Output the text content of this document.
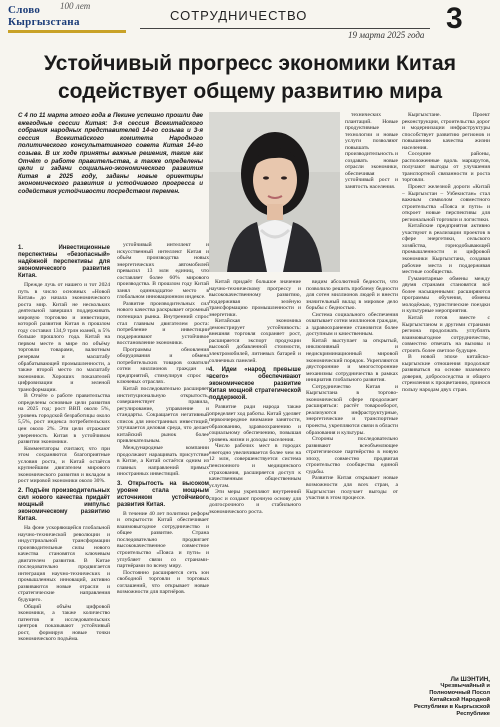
Слово 100 лет
Кыргызстана	СОТРУДНИЧЕСТВО
19 марта 2025 года 3
Устойчивый прогресс экономики Китая содействует общему развитию мира
С 4 по 11 марта этого года в Пекине успешно прошли две ежегодные сессии Китая: 3-я сессия Всекитайского собрания народных представителей 14-го созыва и 3-я сессия Всекитайского комитета Народного политического консультативного совета Китая 14-го созыва. В их ходе приняты важные решения, такие как Отчёт о работе правительства, а также определены цели и задачи социально-экономического развития Китая в 2025 году, заданы новые ориентиры экономического развития и устойчивого прогресса и содействия устойчивости посредством перемен.

технических плантаций. Новые продуктивные технологии и новые услуги позволяют повышать производительность и создавать новые отрасли экономики, обеспечивая устойчивый рост и занятость населения.

1. Инвестиционные перспективы «безопасный» надёжной перспективы для экономического развития Китая.

Прежде лучь от нашего и тот 2024 путь в число основных «Новой Китая» до начала экономического роста мир. Китай не нескольких деятельной завершил поддерживать мировую торговлю и инвестиции, которой развития Китая в прошлом году составил 134,9 трлн юаней, в 5% больше прошлого года. Китай на первом месте в мире по объёму торговли товарами, валютным резервам и масштабу обрабатывающей промышленности, а также второй место по масштабу экономики. Хороших показателей цифровизации и зеленой трансформации.

В Отчёте о работе правительства определены основные цели развития на 2025 год: рост ВВП около 5%, уровень городской безработицы около 5,5%, рост индекса потребительских цен около 2%. Эти цели отражают уверенность Китая в устойчивом развитии экономики.

Комментаторы считают, что при этом сохраняются благоприятные условия роста, и Китай остаётся крупнейшим двигателем мирового экономического развития и вкладом в рост мировой экономики около 30%.

2. Подъём производительных сил нового качества придаёт мощный импульс экономическому развитию Китая.

На фоне ускоряющейся глобальной научно-технической революции и индустриальной трансформации производительные силы нового качества становятся ключевым двигателем развития. В Китае последовательно продвигается интеграция научно-технических и промышленных инноваций, активно развиваются новые отрасли и стратегические направления будущего.

Общий объём цифровой экономики, а также количество патентов и исследовательских центров показывают устойчивый рост, формируя новые точки экономического подъёма.

устойчивый интеллект и искусственный интеллект Китая и объём производства новых энергетических автомобилей превысил 13 млн единиц, что составляет более 60% мирового производства. В прошлом году Китай занял одиннадцатое место в глобальном инновационном индексе.

Развитие производительных сил нового качества раскрывает огромный потенциал рынка. Внутренний спрос стал главным двигателем роста: потребление и инвестиции поддерживают устойчивое восстановление экономики.

Программы обновления оборудования и обмена потребительских товаров охватили сотни миллионов граждан и предприятий, стимулируя спрос в ключевых отраслях.

Китай последовательно расширяет институциональную открытость, совершенствует правила, регулирование, управление и стандарты. Сокращается негативный список для иностранных инвестиций, улучшается деловая среда, что делает китайский рынок более привлекательным.

Международные компании продолжают наращивать присутствие в Китае, а Китай остаётся одним из главных направлений прямых иностранных инвестиций.

3. Открытость на высоком уровне стала мощным источником устойчивого развития Китая.

В течение 40 лет политики реформ и открытости Китай обеспечивает взаимовыгодное сотрудничество и общее развитие. Страна последовательно продвигает высококачественное совместное строительство «Пояса и пути» и углубляет связи со странами-партнёрами по всему миру.

Постоянно расширяется сеть зон свободной торговли и торговых соглашений, что открывает новые возможности для партнёров.

Китай придаёт большое значение научно-техническому прогрессу и высококачественному развитию, поддерживая зелёную трансформацию промышленности и энергетики.

Китайская экономика демонстрирует устойчивость: внешняя торговля сохраняет рост, расширяется экспорт продукции высокой добавленной стоимости, электромобилей, литиевых батарей и солнечных панелей.

4. Идеи «народ превыше всего» обеспечивают экономическое развитие Китая мощной стратегической поддержкой.

Развитие ради народа также определяет ход работы. Китай уделяет первоочередное внимание занятости, образованию, здравоохранению и социальному обеспечению, повышая уровень жизни и доходы населения.

Число рабочих мест в городах ежегодно увеличивается более чем на 12 млн, совершенствуется система пенсионного и медицинского страхования, расширяется доступ к качественным общественным услугам.

Эти меры укрепляют внутренний спрос и создают прочную основу для долгосрочного и стабильного экономического роста.

видим абсолютной бедности, что позволило решить проблему бедности для сотен миллионов людей и внести значительный вклад в мировое дело борьбы с бедностью.

Система социального обеспечения охватывает сотни миллионов граждан, а здравоохранение становится более доступным и качественным.

Китай выступает за открытый, инклюзивный и недискриминационный мировой экономический порядок. Укрепляются двусторонние и многосторонние механизмы сотрудничества в рамках инициатив глобального развития.

Сотрудничество Китая и Кыргызстана в торгово-экономической сфере продолжает расширяться: растёт товарооборот, реализуются инфраструктурные, энергетические и транспортные проекты, укрепляются связи в области образования и культуры.

Стороны последовательно развивают всеобъемлющее стратегическое партнёрство в новую эпоху, совместно продвигая строительство сообщества единой судьбы.

Развитие Китая открывает новые возможности для всех стран, а Кыргызстан получает выгоды от участия в этом процессе.

Кыргызстане. Проект реконструкции, строительства дорог и модернизации инфраструктуры способствует развитию регионов и повышению качества жизни населения.

Соседние районы, расположенные вдоль маршрутов, получают выгоды от улучшения транспортной связанности и роста торговли.

Проект железной дороги «Китай – Кыргызстан – Узбекистан» стал важным символом совместного строительства «Пояса и пути» и откроет новые перспективы для региональной торговли и логистики.

Китайские предприятия активно участвуют в реализации проектов в сфере энергетики, сельского хозяйства, горнодобывающей промышленности и цифровой экономики Кыргызстана, создавая рабочие места и поддерживая местные сообщества.

Гуманитарные обмены между двумя странами становятся всё более насыщенными: расширяются программы обучения, обмены молодёжью, туристические поездки и культурные мероприятия.

Китай готов вместе с Кыргызстаном и другими странами региона продолжать углублять взаимовыгодное сотрудничество, совместно отвечать на вызовы и строить более светлое будущее.

В новой эпохе китайско-кыргызские отношения продолжат развиваться на основе взаимного доверия, добрососедства и общего стремления к процветанию, принося пользу народам двух стран.

Ли ШЭНТИН,
Чрезвычайный и Полномочный Посол Китайской Народной Республики в Кыргызской Республике
